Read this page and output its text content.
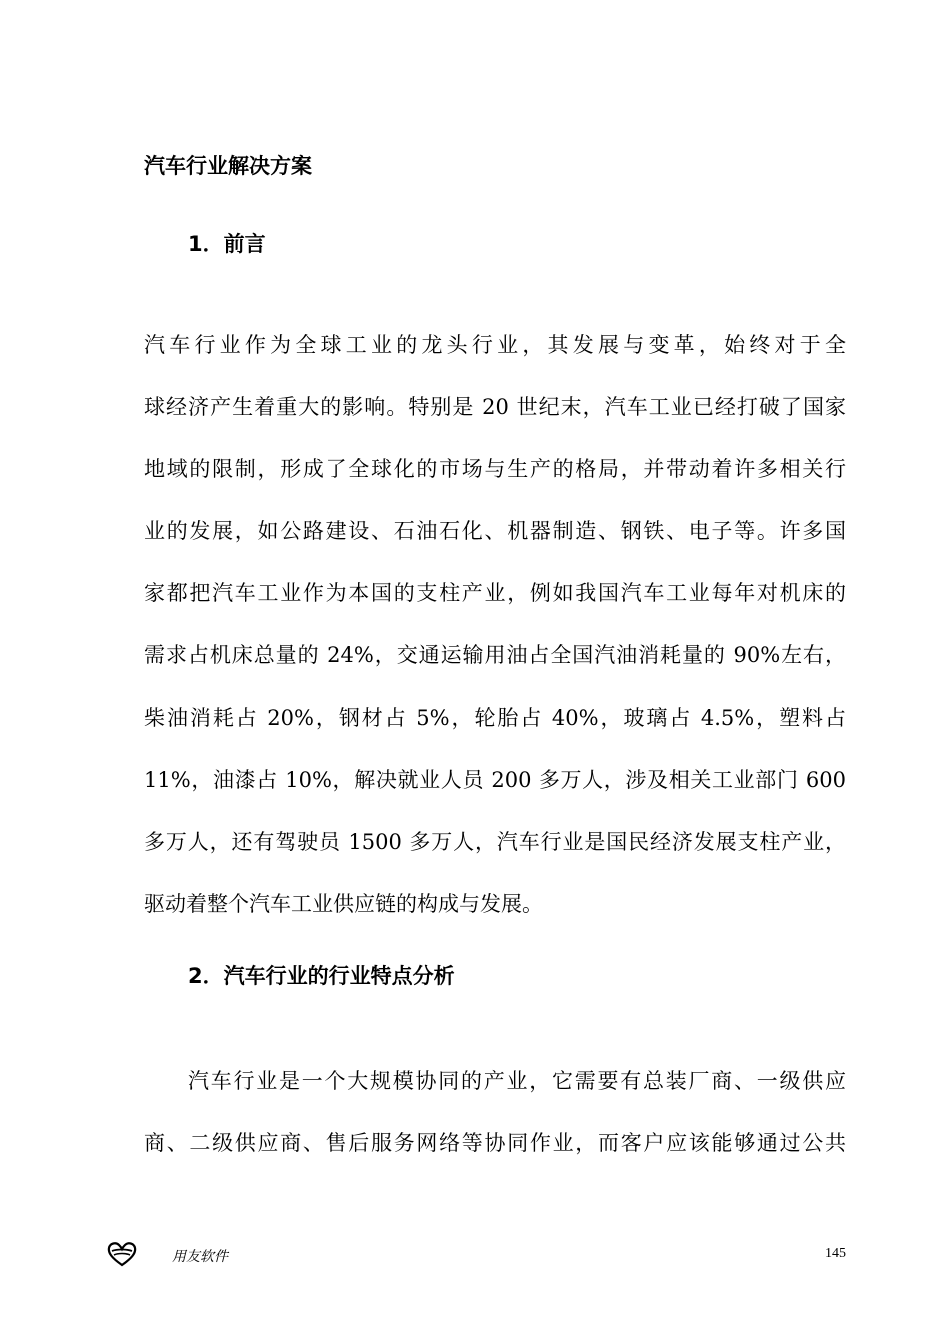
汽车行业解决方案
1．前言
汽车行业作为全球工业的龙头行业，其发展与变革，始终对于全
球经济产生着重大的影响。特别是 20 世纪末，汽车工业已经打破了国家
地域的限制，形成了全球化的市场与生产的格局，并带动着许多相关行
业的发展，如公路建设、石油石化、机器制造、钢铁、电子等。许多国
家都把汽车工业作为本国的支柱产业，例如我国汽车工业每年对机床的
需求占机床总量的 24%，交通运输用油占全国汽油消耗量的 90%左右，
柴油消耗占 20%，钢材占 5%，轮胎占 40%，玻璃占 4.5%，塑料占
11%，油漆占 10%，解决就业人员 200 多万人，涉及相关工业部门 600
多万人，还有驾驶员 1500 多万人，汽车行业是国民经济发展支柱产业，
驱动着整个汽车工业供应链的构成与发展。
2．汽车行业的行业特点分析
汽车行业是一个大规模协同的产业，它需要有总装厂商、一级供应
商、二级供应商、售后服务网络等协同作业，而客户应该能够通过公共
用友软件	145
